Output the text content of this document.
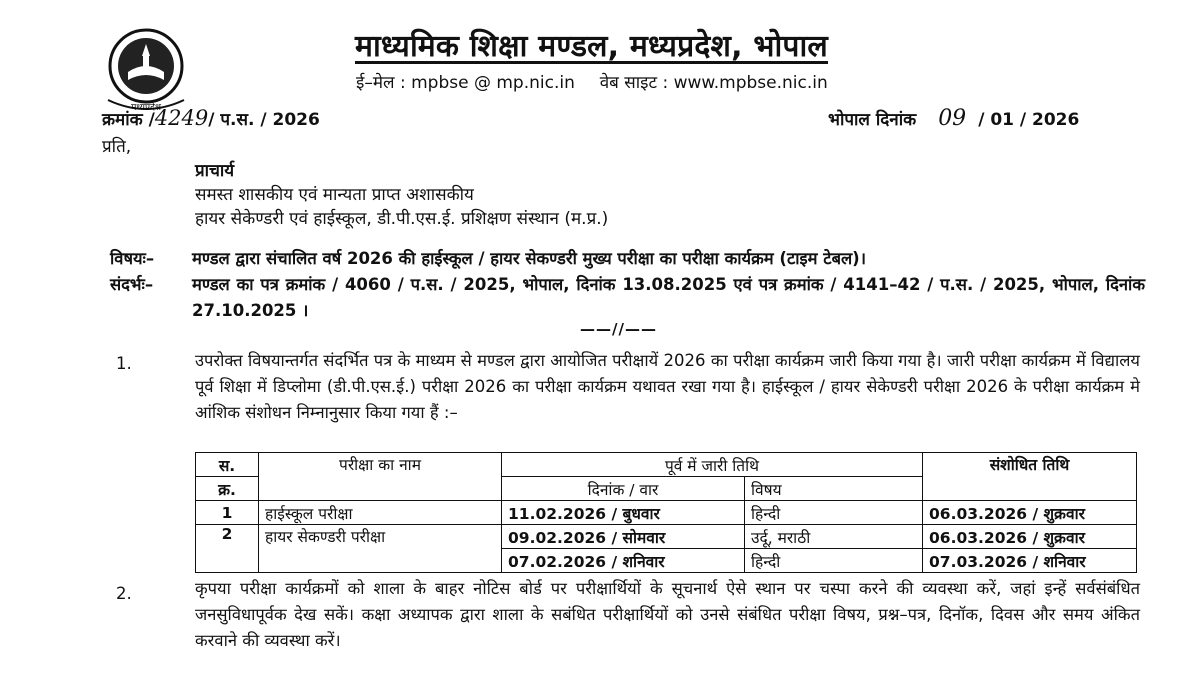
मध्यप्रदेश
माध्यमिक शिक्षा मण्डल, मध्यप्रदेश, भोपाल
ई–मेल : mpbse @ mp.nic.in वेब साइट : www.mpbse.nic.in
क्रमांक /4249/ प.स. / 2026	भोपाल दिनांक 09 / 01 / 2026
प्रति,
प्राचार्य
समस्त शासकीय एवं मान्यता प्राप्त अशासकीय
हायर सेकेण्डरी एवं हाईस्कूल, डी.पी.एस.ई. प्रशिक्षण संस्थान (म.प्र.)
विषयः– मण्डल द्वारा संचालित वर्ष 2026 की हाईस्कूल / हायर सेकण्डरी मुख्य परीक्षा का परीक्षा कार्यक्रम (टाइम टेबल)।
संदर्भः–	मण्डल का पत्र क्रमांक / 4060 / प.स. / 2025, भोपाल, दिनांक 13.08.2025 एवं पत्र क्रमांक / 4141–42 / प.स. / 2025, भोपाल, दिनांक 27.10.2025 ।
——//——
1.	उपरोक्त विषयान्तर्गत संदर्भित पत्र के माध्यम से मण्डल द्वारा आयोजित परीक्षायें 2026 का परीक्षा कार्यक्रम जारी किया गया है। जारी परीक्षा कार्यक्रम में विद्यालय पूर्व शिक्षा में डिप्लोमा (डी.पी.एस.ई.) परीक्षा 2026 का परीक्षा कार्यक्रम यथावत रखा गया है। हाईस्कूल / हायर सेकेण्डरी परीक्षा 2026 के परीक्षा कार्यक्रम मे आंशिक संशोधन निम्नानुसार किया गया हैं :–
स.	परीक्षा का नाम	पूर्व में जारी तिथि		संशोधित तिथि
क्र.		दिनांक / वार	विषय	
1	हाईस्कूल परीक्षा	11.02.2026 / बुधवार	हिन्दी	06.03.2026 / शुक्रवार
2	हायर सेकण्डरी परीक्षा	09.02.2026 / सोमवार	उर्दू, मराठी	06.03.2026 / शुक्रवार
		07.02.2026 / शनिवार	हिन्दी	07.03.2026 / शनिवार
2.	कृपया परीक्षा कार्यक्रमों को शाला के बाहर नोटिस बोर्ड पर परीक्षार्थियों के सूचनार्थ ऐसे स्थान पर चस्पा करने की व्यवस्था करें, जहां इन्हें सर्वसंबंधित जनसुविधापूर्वक देख सकें। कक्षा अध्यापक द्वारा शाला के सबंधित परीक्षार्थियों को उनसे संबंधित परीक्षा विषय, प्रश्न–पत्र, दिनॉक, दिवस और समय अंकित करवाने की व्यवस्था करें।
